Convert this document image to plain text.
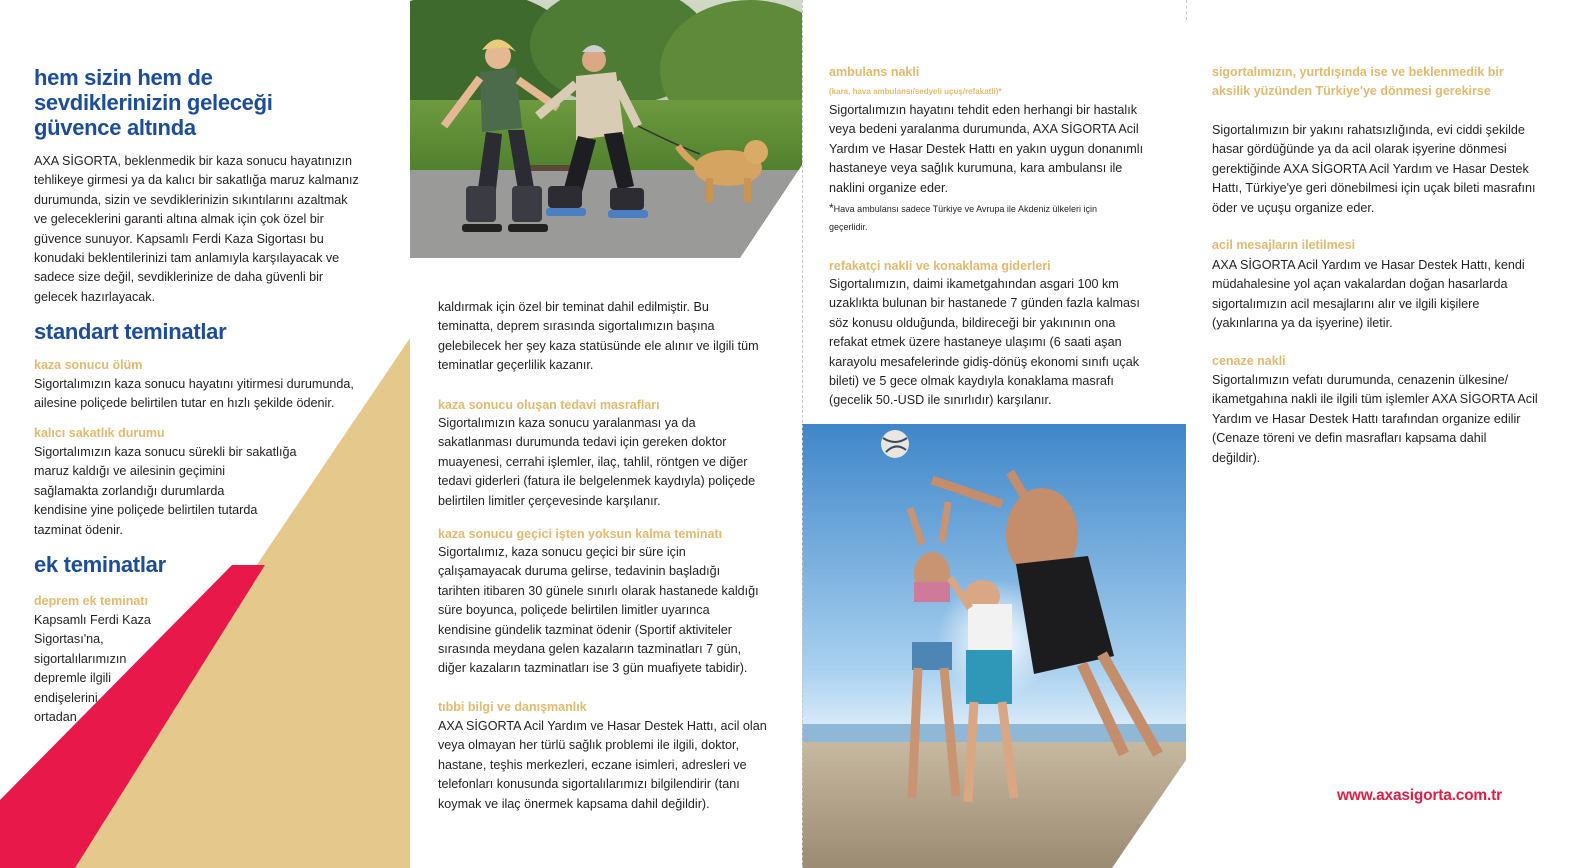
hem sizin hem de
sevdiklerinizin geleceği
güvence altında
AXA SİGORTA, beklenmedik bir kaza sonucu hayatınızın
tehlikeye girmesi ya da kalıcı bir sakatlığa maruz kalmanız
durumunda, sizin ve sevdiklerinizin sıkıntılarını azaltmak
ve geleceklerini garanti altına almak için çok özel bir
güvence sunuyor. Kapsamlı Ferdi Kaza Sigortası bu
konudaki beklentilerinizi tam anlamıyla karşılayacak ve
sadece size değil, sevdiklerinize de daha güvenli bir
gelecek hazırlayacak.
standart teminatlar
kaza sonucu ölüm
Sigortalımızın kaza sonucu hayatını yitirmesi durumunda,
ailesine poliçede belirtilen tutar en hızlı şekilde ödenir.
kalıcı sakatlık durumu
Sigortalımızın kaza sonucu sürekli bir sakatlığa
maruz kaldığı ve ailesinin geçimini
sağlamakta zorlandığı durumlarda
kendisine yine poliçede belirtilen tutarda
tazminat ödenir.
ek teminatlar
deprem ek teminatı
Kapsamlı Ferdi Kaza
Sigortası'na,
sigortalılarımızın
depremle ilgili
endişelerini
ortadan
kaldırmak için özel bir teminat dahil edilmiştir. Bu
teminatta, deprem sırasında sigortalımızın başına
gelebilecek her şey kaza statüsünde ele alınır ve ilgili tüm
teminatlar geçerlilik kazanır.
kaza sonucu oluşan tedavi masrafları
Sigortalımızın kaza sonucu yaralanması ya da
sakatlanması durumunda tedavi için gereken doktor
muayenesi, cerrahi işlemler, ilaç, tahlil, röntgen ve diğer
tedavi giderleri (fatura ile belgelenmek kaydıyla) poliçede
belirtilen limitler çerçevesinde karşılanır.
kaza sonucu geçici işten yoksun kalma teminatı
Sigortalımız, kaza sonucu geçici bir süre için
çalışamayacak duruma gelirse, tedavinin başladığı
tarihten itibaren 30 günele sınırlı olarak hastanede kaldığı
süre boyunca, poliçede belirtilen limitler uyarınca
kendisine gündelik tazminat ödenir (Sportif aktiviteler
sırasında meydana gelen kazaların tazminatları 7 gün,
diğer kazaların tazminatları ise 3 gün muafiyete tabidir).
tıbbi bilgi ve danışmanlık
AXA SİGORTA Acil Yardım ve Hasar Destek Hattı, acil olan
veya olmayan her türlü sağlık problemi ile ilgili, doktor,
hastane, teşhis merkezleri, eczane isimleri, adresleri ve
telefonları konusunda sigortalılarımızı bilgilendirir (tanı
koymak ve ilaç önermek kapsama dahil değildir).
ambulans nakli
(kara, hava ambulansı/sedyeli uçuş/refakatli)*
Sigortalımızın hayatını tehdit eden herhangi bir hastalık
veya bedeni yaralanma durumunda, AXA SİGORTA Acil
Yardım ve Hasar Destek Hattı en yakın uygun donanımlı
hastaneye veya sağlık kurumuna, kara ambulansı ile
naklini organize eder.
*Hava ambulansı sadece Türkiye ve Avrupa ile Akdeniz ülkeleri için
geçerlidir.
refakatçi nakli ve konaklama giderleri
Sigortalımızın, daimi ikametgahından asgari 100 km
uzaklıkta bulunan bir hastanede 7 günden fazla kalması
söz konusu olduğunda, bildireceği bir yakınının ona
refakat etmek üzere hastaneye ulaşımı (6 saati aşan
karayolu mesafelerinde gidiş-dönüş ekonomi sınıfı uçak
bileti) ve 5 gece olmak kaydıyla konaklama masrafı
(gecelik 50.-USD ile sınırlıdır) karşılanır.
sigortalımızın, yurtdışında ise ve beklenmedik bir
aksilik yüzünden Türkiye'ye dönmesi gerekirse
Sigortalımızın bir yakını rahatsızlığında, evi ciddi şekilde
hasar gördüğünde ya da acil olarak işyerine dönmesi
gerektiğinde AXA SİGORTA Acil Yardım ve Hasar Destek
Hattı, Türkiye'ye geri dönebilmesi için uçak bileti masrafını
öder ve uçuşu organize eder.
acil mesajların iletilmesi
AXA SİGORTA Acil Yardım ve Hasar Destek Hattı, kendi
müdahalesine yol açan vakalardan doğan hasarlarda
sigortalımızın acil mesajlarını alır ve ilgili kişilere
(yakınlarına ya da işyerine) iletir.
cenaze nakli
Sigortalımızın vefatı durumunda, cenazenin ülkesine/
ikametgahına nakli ile ilgili tüm işlemler AXA SİGORTA Acil
Yardım ve Hasar Destek Hattı tarafından organize edilir
(Cenaze töreni ve defin masrafları kapsama dahil
değildir).
www.axasigorta.com.tr
